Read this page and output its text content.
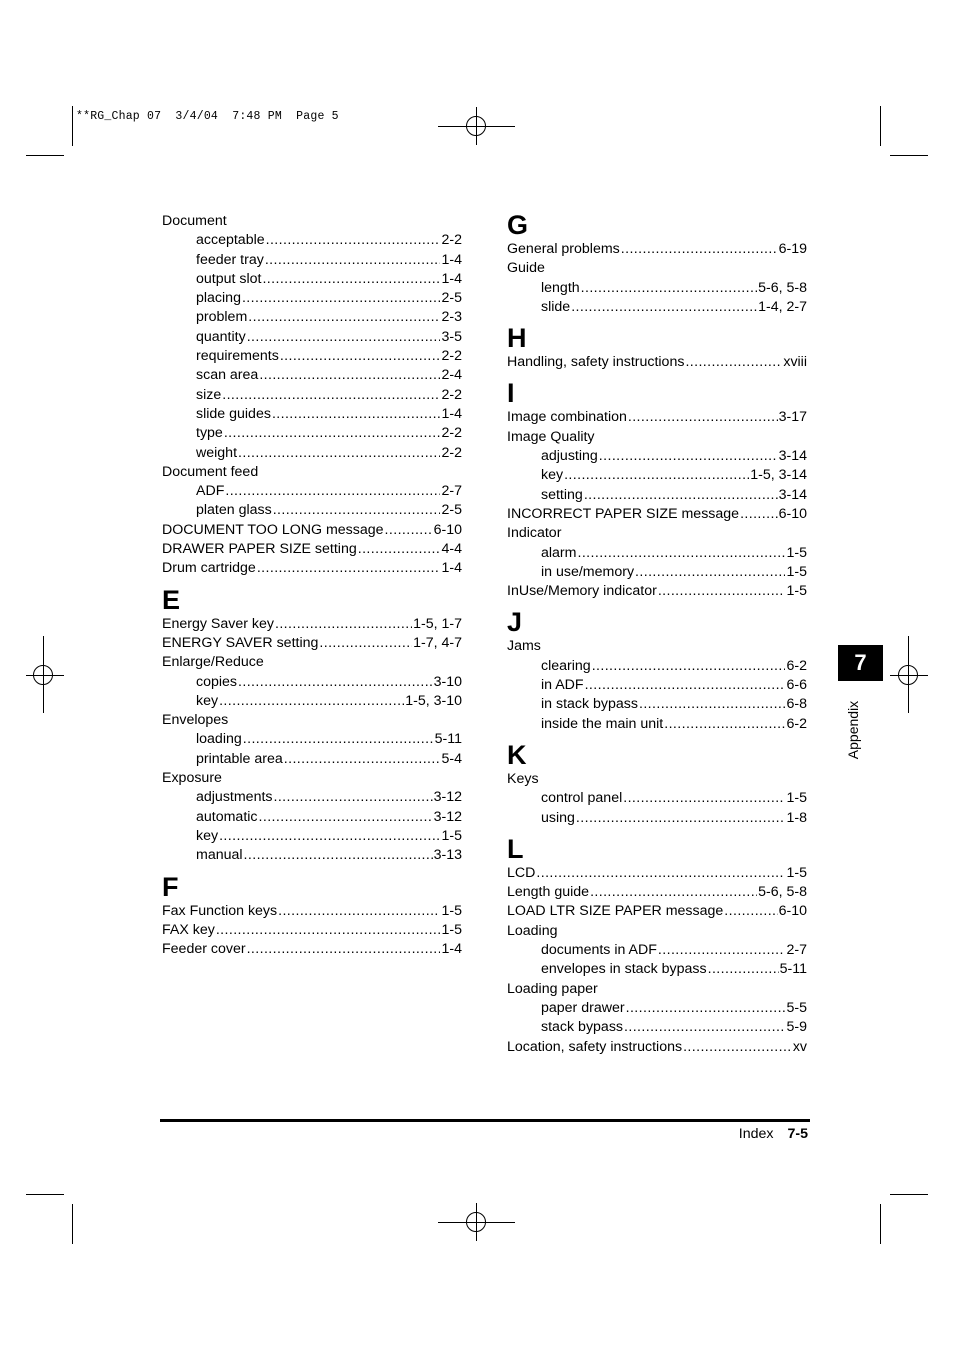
**RG_Chap 07  3/4/04  7:48 PM  Page 5
Document
acceptable .....	2-2
feeder tray .....	1-4
output slot .....	1-4
placing .....	2-5
problem .....	2-3
quantity .....	3-5
requirements .....	2-2
scan area .....	2-4
size .....	2-2
slide guides .....	1-4
type .....	2-2
weight .....	2-2
Document feed
ADF .....	2-7
platen glass .....	2-5
DOCUMENT TOO LONG message .....	6-10
DRAWER PAPER SIZE setting .....	4-4
Drum cartridge .....	1-4
E
Energy Saver key .....	1-5, 1-7
ENERGY SAVER setting .....	1-7, 4-7
Enlarge/Reduce
copies .....	3-10
key .....	1-5, 3-10
Envelopes
loading .....	5-11
printable area .....	5-4
Exposure
adjustments .....	3-12
automatic .....	3-12
key .....	1-5
manual .....	3-13
F
Fax Function keys .....	1-5
FAX key .....	1-5
Feeder cover .....	1-4
G
General problems .....	6-19
Guide
length .....	5-6, 5-8
slide .....	1-4, 2-7
H
Handling, safety instructions .....	xviii
I
Image combination .....	3-17
Image Quality
adjusting .....	3-14
key .....	1-5, 3-14
setting .....	3-14
INCORRECT PAPER SIZE message .....	6-10
Indicator
alarm .....	1-5
in use/memory .....	1-5
InUse/Memory indicator .....	1-5
J
Jams
clearing .....	6-2
in ADF .....	6-6
in stack bypass .....	6-8
inside the main unit .....	6-2
K
Keys
control panel .....	1-5
using .....	1-8
L
LCD .....	1-5
Length guide .....	5-6, 5-8
LOAD LTR SIZE PAPER message .....	6-10
Loading
documents in ADF .....	2-7
envelopes in stack bypass .....	5-11
Loading paper
paper drawer .....	5-5
stack bypass .....	5-9
Location, safety instructions .....	xv
7
Appendix
Index 7-5
